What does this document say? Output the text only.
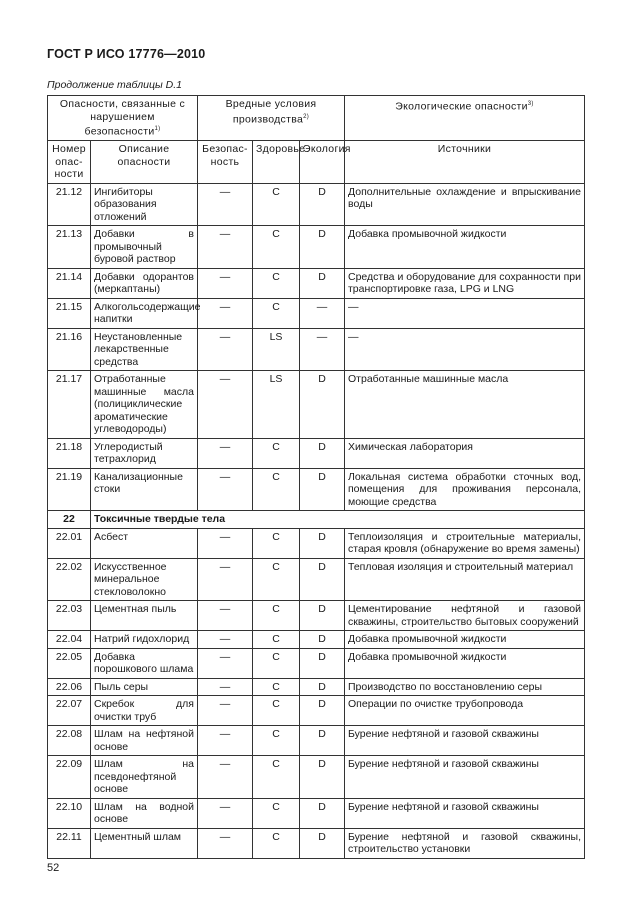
ГОСТ Р ИСО 17776—2010
Продолжение таблицы D.1
Опасности, связанные с нарушением безопасности$^{1)}$		Вредные условия производства$^{2)}$			Экологические опасности$^{3)}$
Номер опас- ности	Описание опасности	Безопас- ность	Здоровье	Экология	Источники
21.12	Ингибиторы образования отложений	—	С	D	Дополнительные охлаждение и впрыскивание воды
21.13	Добавки в промывочный буровой раствор	—	С	D	Добавка промывочной жидкости
21.14	Добавки одорантов (меркаптаны)	—	С	D	Средства и оборудование для сохранности при транспортировке газа, LPG и LNG
21.15	Алкогольсодержащие напитки	—	С	—	—
21.16	Неустановленные лекарственные средства	—	LS	—	—
21.17	Отработанные машинные масла (полициклические ароматические углеводороды)	—	LS	D	Отработанные машинные масла
21.18	Углеродистый тетрахлорид	—	С	D	Химическая лаборатория
21.19	Канализационные стоки	—	С	D	Локальная система обработки сточных вод, помещения для проживания персонала, моющие средства
22	Токсичные твердые тела				
22.01	Асбест	—	С	D	Теплоизоляция и строительные материалы, старая кровля (обнаружение во время замены)
22.02	Искусственное минеральное стекловолокно	—	С	D	Тепловая изоляция и строительный материал
22.03	Цементная пыль	—	С	D	Цементирование нефтяной и газовой скважины, строительство бытовых сооружений
22.04	Натрий гидохлорид	—	С	D	Добавка промывочной жидкости
22.05	Добавка порошкового шлама	—	С	D	Добавка промывочной жидкости
22.06	Пыль серы	—	С	D	Производство по восстановлению серы
22.07	Скребок для очистки труб	—	С	D	Операции по очистке трубопровода
22.08	Шлам на нефтяной основе	—	С	D	Бурение нефтяной и газовой скважины
22.09	Шлам на псевдонефтяной основе	—	С	D	Бурение нефтяной и газовой скважины
22.10	Шлам на водной основе	—	С	D	Бурение нефтяной и газовой скважины
22.11	Цементный шлам	—	С	D	Бурение нефтяной и газовой скважины, строительство установки
52
